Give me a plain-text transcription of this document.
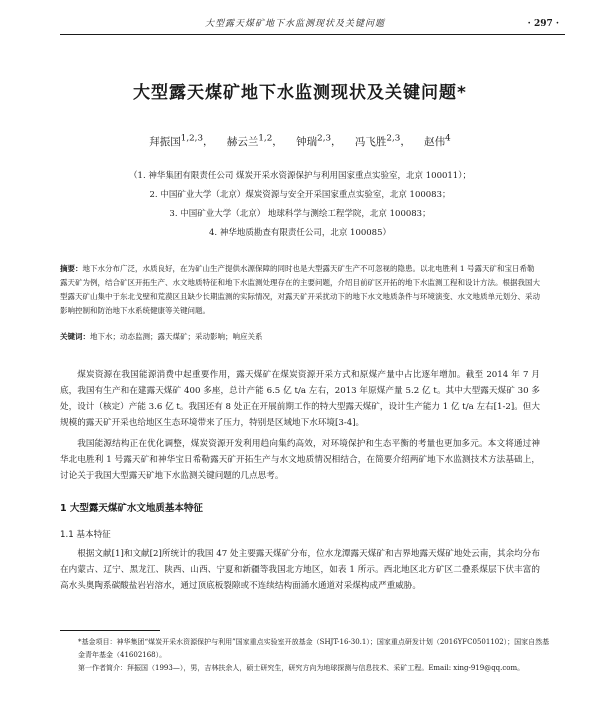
大型露天煤矿地下水监测现状及关键问题	· 297 ·
大型露天煤矿地下水监测现状及关键问题*
拜振国$^{1,2,3}$， 赫云兰$^{1,2}$， 钟瑞$^{2,3}$， 冯飞胜$^{2,3}$， 赵伟$^4$
（1. 神华集团有限责任公司 煤炭开采水资源保护与利用国家重点实验室，北京 100011）；
2. 中国矿业大学（北京）煤炭资源与安全开采国家重点实验室，北京 100083；
3. 中国矿业大学（北京） 地球科学与测绘工程学院，北京 100083；
4. 神华地质勘查有限责任公司，北京 100085）
摘要：地下水分布广泛，水质良好，在为矿山生产提供水源保障的同时也是大型露天矿生产不可忽视的隐患。以北电胜利 1 号露天矿和宝日希勒露天矿为例，结合矿区开拓生产、水文地质特征和地下水监测处理存在的主要问题，介绍目前矿区开拓的地下水监测工程和设计方法。根据我国大型露天矿山集中于东北戈壁和荒漠区且缺少长期监测的实际情况，对露天矿开采扰动下的地下水文地质条件与环境演变、水文地质单元划分、采动影响控制和防治地下水系统健康等关键问题。
关键词：地下水；动态监测；露天煤矿；采动影响；响应关系
煤炭资源在我国能源消费中起重要作用，露天煤矿在煤炭资源开采方式和原煤产量中占比逐年增加。截至 2014 年 7 月底，我国有生产和在建露天煤矿 400 多座，总计产能 6.5 亿 t/a 左右，2013 年原煤产量 5.2 亿 t。其中大型露天煤矿 30 多处，设计（核定）产能 3.6 亿 t。我国还有 8 处正在开展前期工作的特大型露天煤矿，设计生产能力 1 亿 t/a 左右[1-2]。但大规模的露天矿开采也给地区生态环境带来了压力，特别是区域地下水环境[3-4]。
我国能源结构正在优化调整，煤炭资源开发利用趋向集约高效，对环境保护和生态平衡的考量也更加多元。本文将通过神华北电胜利 1 号露天矿和神华宝日希勒露天矿开拓生产与水文地质情况相结合，在简要介绍两矿地下水监测技术方法基础上，讨论关于我国大型露天矿地下水监测关键问题的几点思考。
1 大型露天煤矿水文地质基本特征
1.1 基本特征
根据文献[1]和文献[2]所统计的我国 47 处主要露天煤矿分布，位水龙潭露天煤矿和吉界地露天煤矿地处云南，其余均分布在内蒙古、辽宁、黑龙江、陕西、山西、宁夏和新疆等我国北方地区，如表 1 所示。西北地区北方矿区二叠系煤层下伏丰富的高水头奥陶系碳酸盐岩岩溶水，通过顶底板裂隙或不连续结构面涌水通道对采煤构成严重威胁。
*基金项目：神华集团“煤炭开采水资源保护与利用”国家重点实验室开放基金（SHJT-16-30.1）；国家重点研发计划（2016YFC0501102）；国家自然基金青年基金（41602168）。
第一作者简介：拜振国（1993—），男，吉林扶余人，硕士研究生，研究方向为地球探测与信息技术、采矿工程。Email: xing-919@qq.com。
